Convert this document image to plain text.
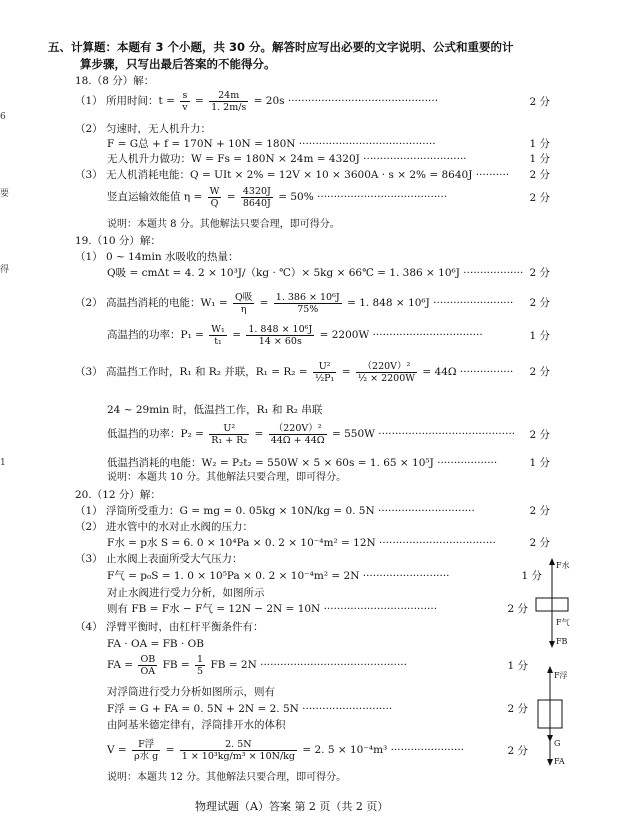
6
要
得
1
五、计算题：本题有 3 个小题，共 30 分。解答时应写出必要的文字说明、公式和重要的计
算步骤，只写出最后答案的不能得分。
18.（8 分）解：
（1） 所用时间：$t = \frac{s}{v} = \frac{24m}{1. 2m/s} = 20s$ ·············································	2 分
（2） 匀速时，无人机升力：
F = G总 + f = 170N + 10N = 180N ·········································	1 分
无人机升力做功：W = Fs = 180N × 24m = 4320J ·······························	1 分
（3） 无人机消耗电能：Q = UIt × 2% = 12V × 10 × 3600A · s × 2% = 8640J ·········· 2 分
竖直运输效能值 $\eta = \frac{W}{Q} = \frac{4320J}{8640J} = 50\%$ ·······································	2 分
说明：本题共 8 分。其他解法只要合理，即可得分。
19.（10 分）解：
（1） 0 ~ 14min 水吸收的热量：
Q吸 = cmΔt = 4. 2 × 10³J/（kg · ℃）× 5kg × 66℃ = 1. 386 × 10⁶J ·················· 2 分
（2） 高温挡消耗的电能：$W_1 = \frac{\text{Q吸}}{\eta} = \frac{\text{1. 386 × 10⁶J}}{75\%} = 1$. 848 × 10⁶J ························ 2 分
高温挡的功率：$P_1 = \frac{\text{W₁}}{\text{t₁}} = \frac{\text{1. 848 × 10⁶J}}{14 \times 60s} = 2200W$ ·································	1 分
（3） 高温挡工作时，R₁ 和 R₂ 并联，$R_1 = R_2 = \frac{\text{U²}}{\text{½P₁}} = \frac{\text{（220V）²}}{\text{½ × 2200W}} = 44\Omega$ ················ 2 分
24 ~ 29min 时，低温挡工作，R₁ 和 R₂ 串联
低温挡的功率：$P_2 = \frac{\text{U²}}{\text{R₁ + R₂}} = \frac{\text{（220V）²}}{44\Omega + 44\Omega} = 550W$ ········································· 2 分
低温挡消耗的电能：W₂ = P₂t₂ = 550W × 5 × 60s = 1. 65 × 10⁵J ··················	1 分
说明：本题共 10 分。其他解法只要合理，即可得分。
20.（12 分）解：
（1） 浮筒所受重力：G = mg = 0. 05kg × 10N/kg = 0. 5N ·····························	2 分
（2） 进水管中的水对止水阀的压力：
F水 = p水 S = 6. 0 × 10⁴Pa × 0. 2 × 10⁻⁴m² = 12N ···································	2 分
（3） 止水阀上表面所受大气压力：
F气 = p₀S = 1. 0 × 10⁵Pa × 0. 2 × 10⁻⁴m² = 2N ··························	1 分
对止水阀进行受力分析，如图所示
则有 FB = F水 − F气 = 12N − 2N = 10N ··································	2 分
（4） 浮臂平衡时，由杠杆平衡条件有：
FA · OA = FB · OB
FA = $\frac{OB}{OA}$ FB = $\frac{1}{5}$ FB = 2N ············································	1 分
对浮筒进行受力分析如图所示，则有
F浮 = G + FA = 0. 5N + 2N = 2. 5N ···························	2 分
由阿基米德定律有，浮筒排开水的体积
$V = \frac{\text{F浮}}{\text{ρ水 g}} = \frac{2. 5N}{\text{1 × 10³kg/m³ × 10N/kg}} = 2$. 5 × 10⁻⁴m³ ······················	2 分
说明：本题共 12 分。其他解法只要合理，即可得分。
F水
F气
FB
F浮
G
FA
物理试题（A）答案 第 2 页（共 2 页）
